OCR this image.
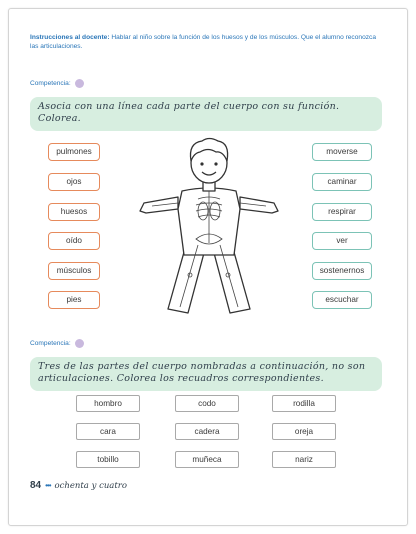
Instrucciones al docente: Hablar al niño sobre la función de los huesos y de los músculos. Que el alumno reconozca las articulaciones.
Competencia:
Asocia con una línea cada parte del cuerpo con su función. Colorea.
pulmones
ojos
huesos
oído
músculos
pies
moverse
caminar
respirar
ver
sostenernos
escuchar
Competencia:
Tres de las partes del cuerpo nombradas a continuación, no son articulaciones. Colorea los recuadros correspondientes.
hombro	codo	rodilla
cara	cadera	oreja
tobillo	muñeca	nariz
84 ••• ochenta y cuatro
